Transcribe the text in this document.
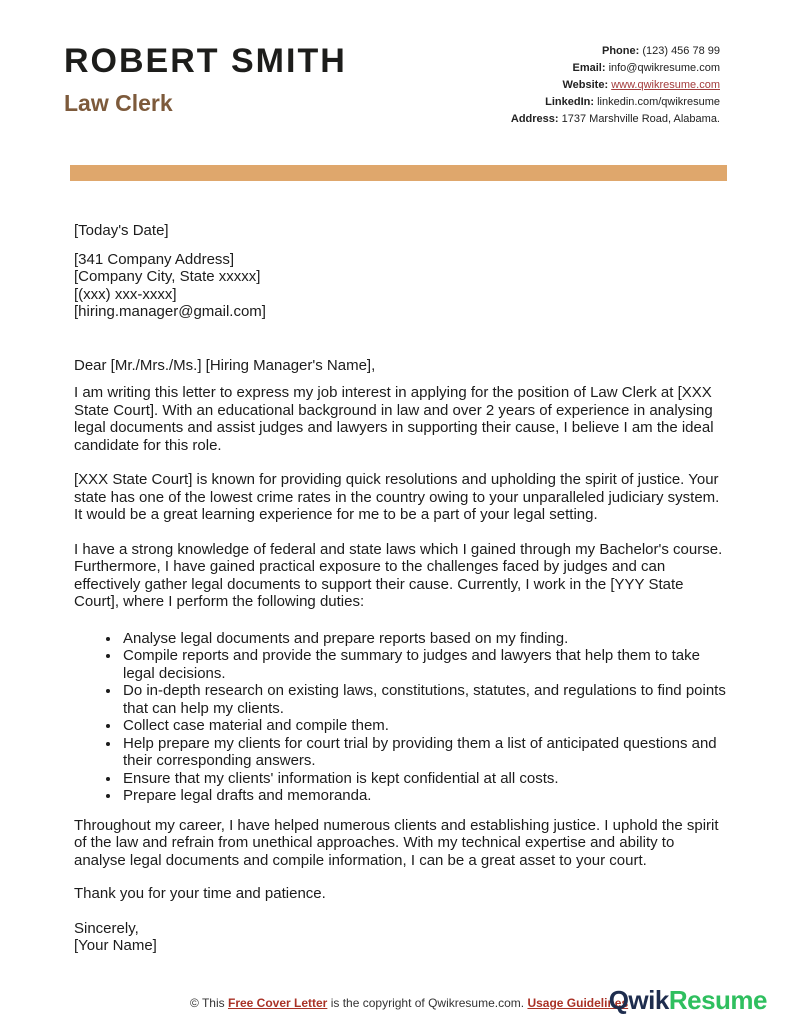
ROBERT SMITH
Law Clerk
Phone: (123) 456 78 99
Email: info@qwikresume.com
Website: www.qwikresume.com
LinkedIn: linkedin.com/qwikresume
Address: 1737 Marshville Road, Alabama.
[Today's Date]
[341 Company Address]
[Company City, State xxxxx]
[(xxx) xxx-xxxx]
[hiring.manager@gmail.com]
Dear [Mr./Mrs./Ms.] [Hiring Manager's Name],

I am writing this letter to express my job interest in applying for the position of Law Clerk at [XXX State Court]. With an educational background in law and over 2 years of experience in analysing legal documents and assist judges and lawyers in supporting their cause, I believe I am the ideal candidate for this role.

[XXX State Court] is known for providing quick resolutions and upholding the spirit of justice. Your state has one of the lowest crime rates in the country owing to your unparalleled judiciary system. It would be a great learning experience for me to be a part of your legal setting.

I have a strong knowledge of federal and state laws which I gained through my Bachelor's course. Furthermore, I have gained practical exposure to the challenges faced by judges and can effectively gather legal documents to support their cause. Currently, I work in the [YYY State Court], where I perform the following duties:

• Analyse legal documents and prepare reports based on my finding.
• Compile reports and provide the summary to judges and lawyers that help them to take legal decisions.
• Do in-depth research on existing laws, constitutions, statutes, and regulations to find points that can help my clients.
• Collect case material and compile them.
• Help prepare my clients for court trial by providing them a list of anticipated questions and their corresponding answers.
• Ensure that my clients' information is kept confidential at all costs.
• Prepare legal drafts and memoranda.

Throughout my career, I have helped numerous clients and establishing justice. I uphold the spirit of the law and refrain from unethical approaches. With my technical expertise and ability to analyse legal documents and compile information, I can be a great asset to your court.

Thank you for your time and patience.

Sincerely,
[Your Name]
© This Free Cover Letter is the copyright of Qwikresume.com. Usage Guidelines
QwikResume
